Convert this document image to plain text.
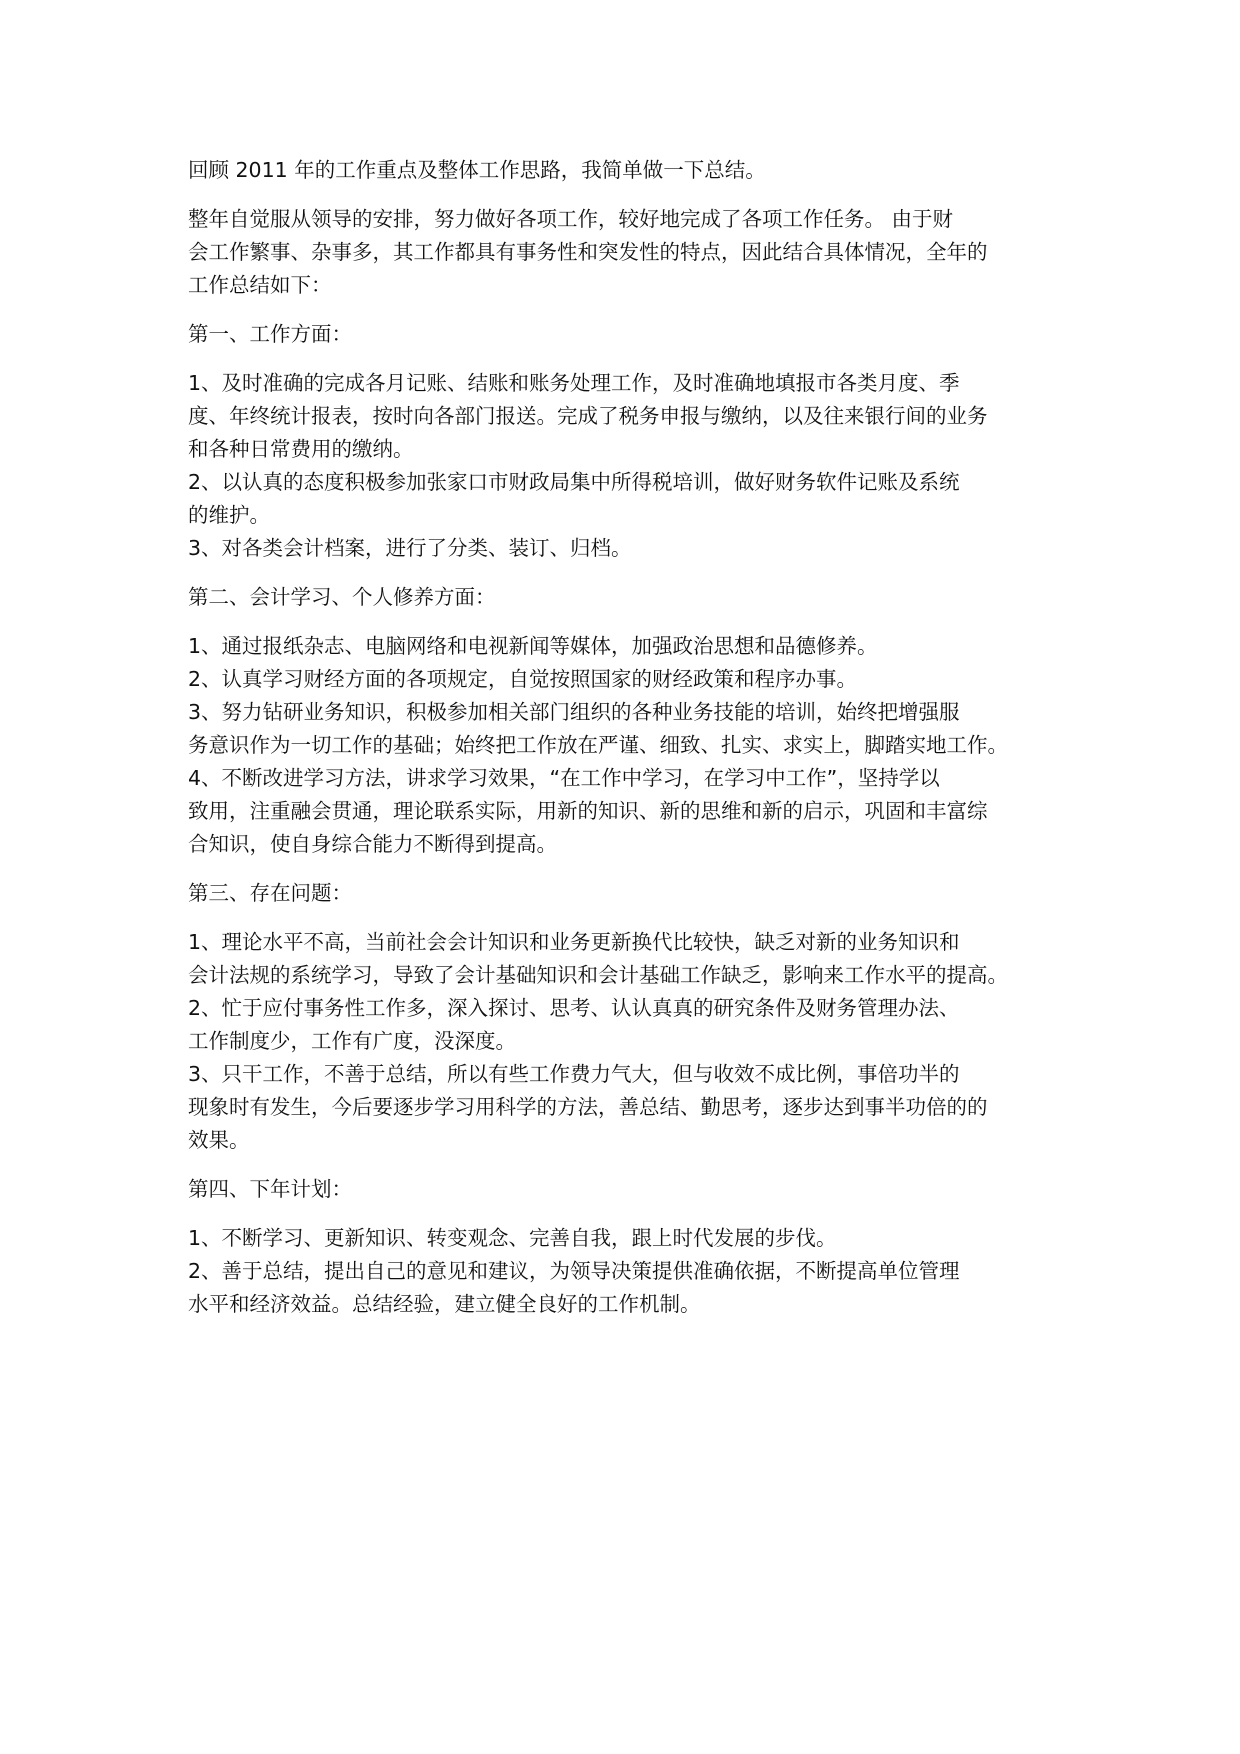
回顾 2011 年的工作重点及整体工作思路，我简单做一下总结。
整年自觉服从领导的安排，努力做好各项工作，较好地完成了各项工作任务。 由于财
会工作繁事、杂事多，其工作都具有事务性和突发性的特点，因此结合具体情况，全年的
工作总结如下：
第一、工作方面：
1、及时准确的完成各月记账、结账和账务处理工作，及时准确地填报市各类月度、季
度、年终统计报表，按时向各部门报送。完成了税务申报与缴纳，以及往来银行间的业务
和各种日常费用的缴纳。
2、以认真的态度积极参加张家口市财政局集中所得税培训，做好财务软件记账及系统
的维护。
3、对各类会计档案，进行了分类、装订、归档。
第二、会计学习、个人修养方面：
1、通过报纸杂志、电脑网络和电视新闻等媒体，加强政治思想和品德修养。
2、认真学习财经方面的各项规定，自觉按照国家的财经政策和程序办事。
3、努力钻研业务知识，积极参加相关部门组织的各种业务技能的培训，始终把增强服
务意识作为一切工作的基础；始终把工作放在严谨、细致、扎实、求实上，脚踏实地工作。
4、不断改进学习方法，讲求学习效果，“在工作中学习，在学习中工作”，坚持学以
致用，注重融会贯通，理论联系实际，用新的知识、新的思维和新的启示，巩固和丰富综
合知识，使自身综合能力不断得到提高。
第三、存在问题：
1、理论水平不高，当前社会会计知识和业务更新换代比较快，缺乏对新的业务知识和
会计法规的系统学习，导致了会计基础知识和会计基础工作缺乏，影响来工作水平的提高。
2、忙于应付事务性工作多，深入探讨、思考、认认真真的研究条件及财务管理办法、
工作制度少，工作有广度，没深度。
3、只干工作，不善于总结，所以有些工作费力气大，但与收效不成比例，事倍功半的
现象时有发生，今后要逐步学习用科学的方法，善总结、勤思考，逐步达到事半功倍的的
效果。
第四、下年计划：
1、不断学习、更新知识、转变观念、完善自我，跟上时代发展的步伐。
2、善于总结，提出自己的意见和建议，为领导决策提供准确依据，不断提高单位管理
水平和经济效益。总结经验，建立健全良好的工作机制。
